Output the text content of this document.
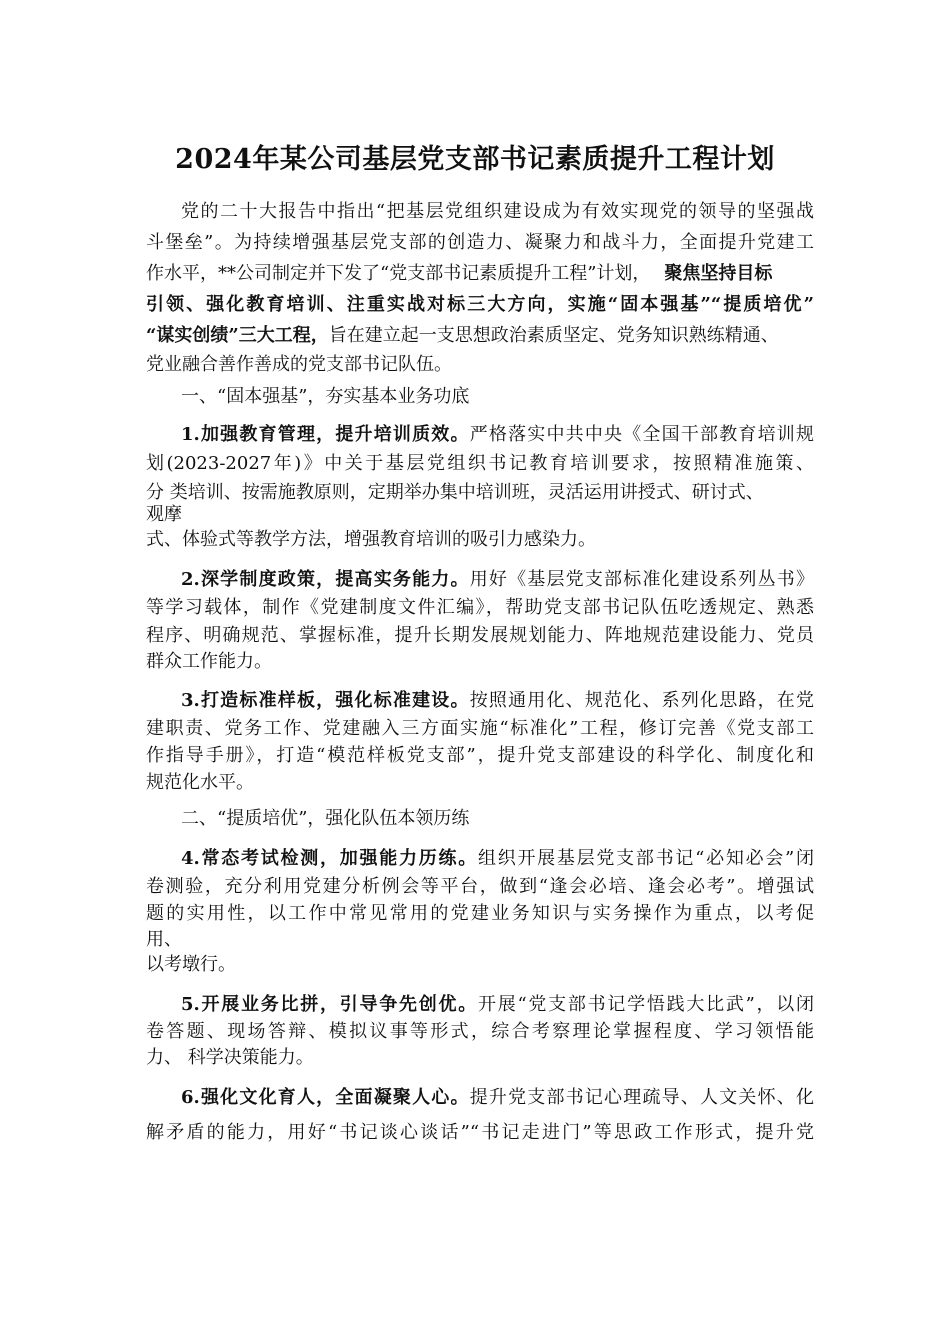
2024年某公司基层党支部书记素质提升工程计划
党的二十大报告中指出“把基层党组织建设成为有效实现党的领导的坚强战
斗堡垒”。为持续增强基层党支部的创造力、凝聚力和战斗力，全面提升党建工
作水平，**公司制定并下发了“党支部书记素质提升工程”计划， 聚焦坚持目标
引领、强化教育培训、注重实战对标三大方向，实施“固本强基”“提质培优”
“谋实创绩”三大工程，旨在建立起一支思想政治素质坚定、党务知识熟练精通、
党业融合善作善成的党支部书记队伍。
一、“固本强基”，夯实基本业务功底
1.加强教育管理，提升培训质效。严格落实中共中央《全国干部教育培训规
划(2023-2027年)》中关于基层党组织书记教育培训要求，按照精准施策、
分 类培训、按需施教原则，定期举办集中培训班，灵活运用讲授式、研讨式、
观摩
式、体验式等教学方法，增强教育培训的吸引力感染力。
2.深学制度政策，提高实务能力。用好《基层党支部标准化建设系列丛书》
等学习载体，制作《党建制度文件汇编》，帮助党支部书记队伍吃透规定、熟悉
程序、明确规范、掌握标准，提升长期发展规划能力、阵地规范建设能力、党员
群众工作能力。
3.打造标准样板，强化标准建设。按照通用化、规范化、系列化思路，在党
建职责、党务工作、党建融入三方面实施“标准化”工程，修订完善《党支部工
作指导手册》，打造“模范样板党支部”，提升党支部建设的科学化、制度化和
规范化水平。
二、“提质培优”，强化队伍本领历练
4.常态考试检测，加强能力历练。组织开展基层党支部书记“必知必会”闭
卷测验，充分利用党建分析例会等平台，做到“逢会必培、逢会必考”。增强试
题的实用性，以工作中常见常用的党建业务知识与实务操作为重点，以考促
用、
以考墩行。
5.开展业务比拼，引导争先创优。开展“党支部书记学悟践大比武”，以闭
卷答题、现场答辩、模拟议事等形式，综合考察理论掌握程度、学习领悟能
力、 科学决策能力。
6.强化文化育人，全面凝聚人心。提升党支部书记心理疏导、人文关怀、化
解矛盾的能力，用好“书记谈心谈话”“书记走进门”等思政工作形式，提升党
